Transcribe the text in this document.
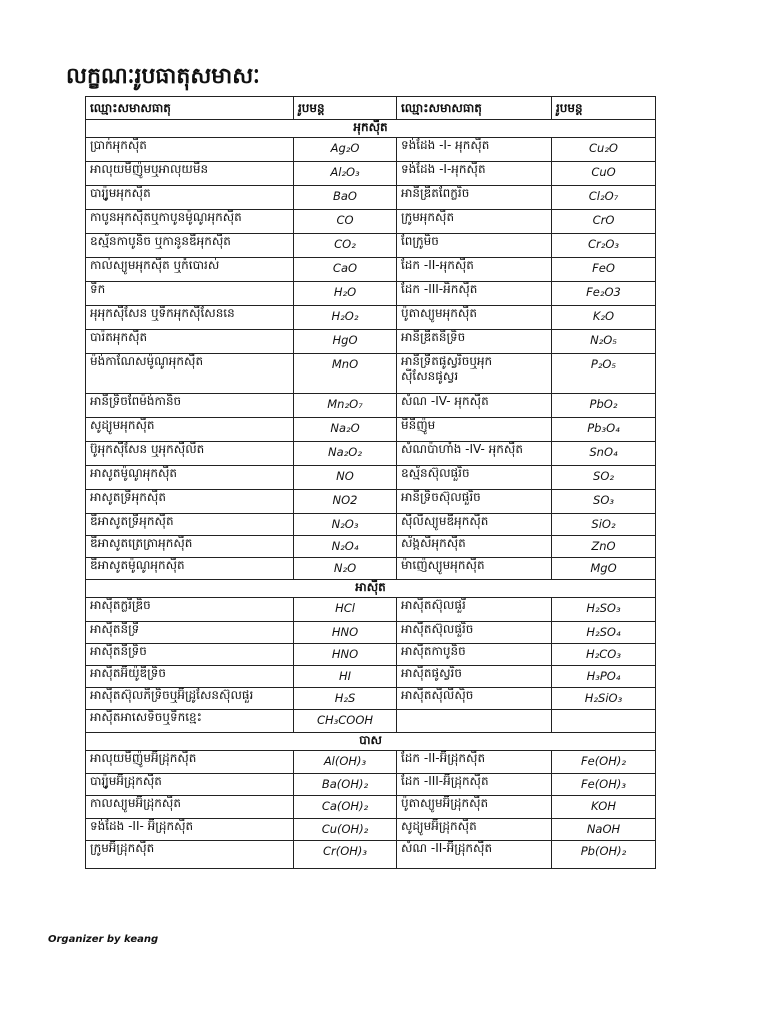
លក្ខណៈរូបធាតុសមាសៈ
ឈ្មោះសមាសធាតុ	រូបមន្ត	ឈ្មោះសមាសធាតុ	រូបមន្ត
អុកស៊ីត			
ប្រាក់អុកស៊ីត	Ag₂O	ទង់ដែង -I- អុកស៊ីត	Cu₂O
អាលុយមីញ៉ូមឬអាលុយមីន	Al₂O₃	ទង់ដែង -I-អុកស៊ីត	CuO
បារ្យ៉ូមអុកស៊ីត	BaO	អានីឌ្រីតពែក្លរិច	Cl₂O₇
កាបូនអុកស៊ីតឬកាបូនម៉ូណូអុកស៊ីត	CO	ក្រូមអុកស៊ីត	CrO
ឧស្ម័នកាបូនិច ឬកានូនឌីអុកស៊ីត	CO₂	ពែក្រូមិច	Cr₂O₃
កាល់ស្យូមអុកស៊ីត ឬកំបោរស់	CaO	ដែក -II-អុកស៊ីត	FeO
ទឹក	H₂O	ដែក -III-អិកស៊ីត	Fe₂O3
អុអុកស៊ីសែន ឬទឹកអុកស៊ីសែននេ	H₂O₂	ប៉ូតាស្យូមអុកស៊ីត	K₂O
បារ៉តអុកស៊ីត	HgO	អានីឌ្រីតនីទ្រិច	N₂O₅
ម៉ង់កាណែសម៉ូណូអុកស៊ីត	MnO	អានីទ្រីតផូស្វរិចឬអុកស៊ីសែនផូស្វរ	P₂O₅
អានីទ្រិចពែម៉ង់កានិច	Mn₂O₇	សំណ -IV- អុកស៊ីត	PbO₂
សូដ្យូមអុកស៊ីត	Na₂O	មីនីញ៉ូម	Pb₃O₄
ប៊ូអុកស៊ីសែន ឬអុកស៊ីលីត	Na₂O₂	សំណប៉ាហាំង -IV- អុកស៊ីត	SnO₄
អាសូតម៉ូណូអុកស៊ីត	NO	ឧស្ម័នស៊ុលផួរិច	SO₂
អាសូតទ្រីអុកស៊ីត	NO2	អានីទ្រិចស៊ុលផួរិច	SO₃
ឌីអាសូតទ្រីអុកស៊ីត	N₂O₃	ស៊ីលីស្យូមឌីអុកស៊ីត	SiO₂
ឌីអាសូតត្រេត្រាអុកស៊ីត	N₂O₄	ស័ង្កសីអុកស៊ីត	ZnO
ឌីអាសូតម៉ូណូអុកស៊ីត	N₂O	ម៉ាញ៉េស្យូមអុកស៊ីត	MgO
អាស៊ីត			
អាស៊ីតក្លរីឌ្រិច	HCl	អាស៊ីតស៊ុលផួរី	H₂SO₃
អាស៊ីតនីទ្រី	HNO	អាស៊ីតស៊ុលផួរិច	H₂SO₄
អាស៊ីតនីទ្រិច	HNO	អាស៊ីតកាបូនិច	H₂CO₃
អាស៊ីតអ៊ីយ៉ូឌីទ្រិច	HI	អាស៊ីតផូស្វរិច	H₃PO₄
អាស៊ីតស៊ុលភីទ្រិចឬអ៊ីដ្រូសែនស៊ុលផួរ	H₂S	អាស៊ីតស៊ីលីស៊ិច	H₂SiO₃
អាស៊ីតអាសេទិចឬទឹកខ្មេះ	CH₃COOH		
បាស			
អាលុយមីញ៉ូមអ៊ីដ្រុកស៊ីត	Al(OH)₃	ដែក -II-អ៊ីដ្រុកស៊ីត	Fe(OH)₂
បារ្យ៉ូមអ៊ីដ្រុកស៊ីត	Ba(OH)₂	ដែក -III-អ៊ីដ្រុកស៊ីត	Fe(OH)₃
កាលស្យូមអ៊ីដ្រុកស៊ីត	Ca(OH)₂	ប៉ូតាស្យូមអ៊ីដ្រុកស៊ីត	KOH
ទង់ដែង -II- អ៊ីដ្រុកស៊ីត	Cu(OH)₂	សូដ្យូមអ៊ីដ្រុកស៊ីត	NaOH
ក្រូមអ៊ីដ្រុកស៊ីត	Cr(OH)₃	សំណ -II-អ៊ីដ្រុកស៊ីត	Pb(OH)₂
Organizer by keang
